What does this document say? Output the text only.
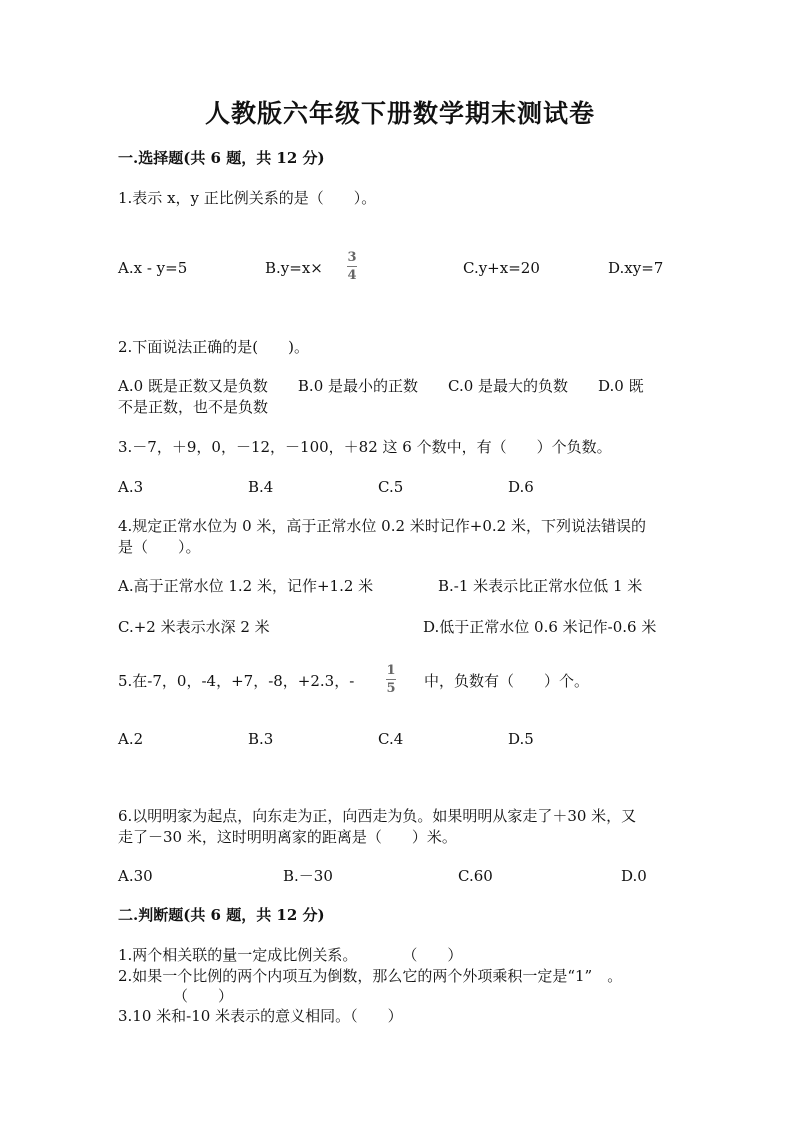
人教版六年级下册数学期末测试卷
一.选择题(共 6 题，共 12 分)
1.表示 x，y 正比例关系的是（　　）。
A.x - y=5	B.y=x×
3
4	C.y+x=20	D.xy=7
2.下面说法正确的是(　　)。
A.0 既是正数又是负数　　B.0 是最小的正数　　C.0 是最大的负数　　D.0 既
不是正数，也不是负数
3.－7，＋9，0，－12，－100，＋82 这 6 个数中，有（　　）个负数。
A.3	B.4	C.5	D.6
4.规定正常水位为 0 米，高于正常水位 0.2 米时记作+0.2 米，下列说法错误的
是（　　）。
A.高于正常水位 1.2 米，记作+1.2 米	B.-1 米表示比正常水位低 1 米
C.+2 米表示水深 2 米	D.低于正常水位 0.6 米记作-0.6 米
5.在-7，0，-4，+7，-8，+2.3，-
1
5 中，负数有（　　）个。
A.2	B.3	C.4	D.5
6.以明明家为起点，向东走为正，向西走为负。如果明明从家走了＋30 米，又
走了－30 米，这时明明离家的距离是（　　）米。
A.30	B.－30	C.60	D.0
二.判断题(共 6 题，共 12 分)
1.两个相关联的量一定成比例关系。　　　　（　　）
2.如果一个比例的两个内项互为倒数，那么它的两个外项乘积一定是“1”　。
（　　）
3.10 米和-10 米表示的意义相同。（　　）
